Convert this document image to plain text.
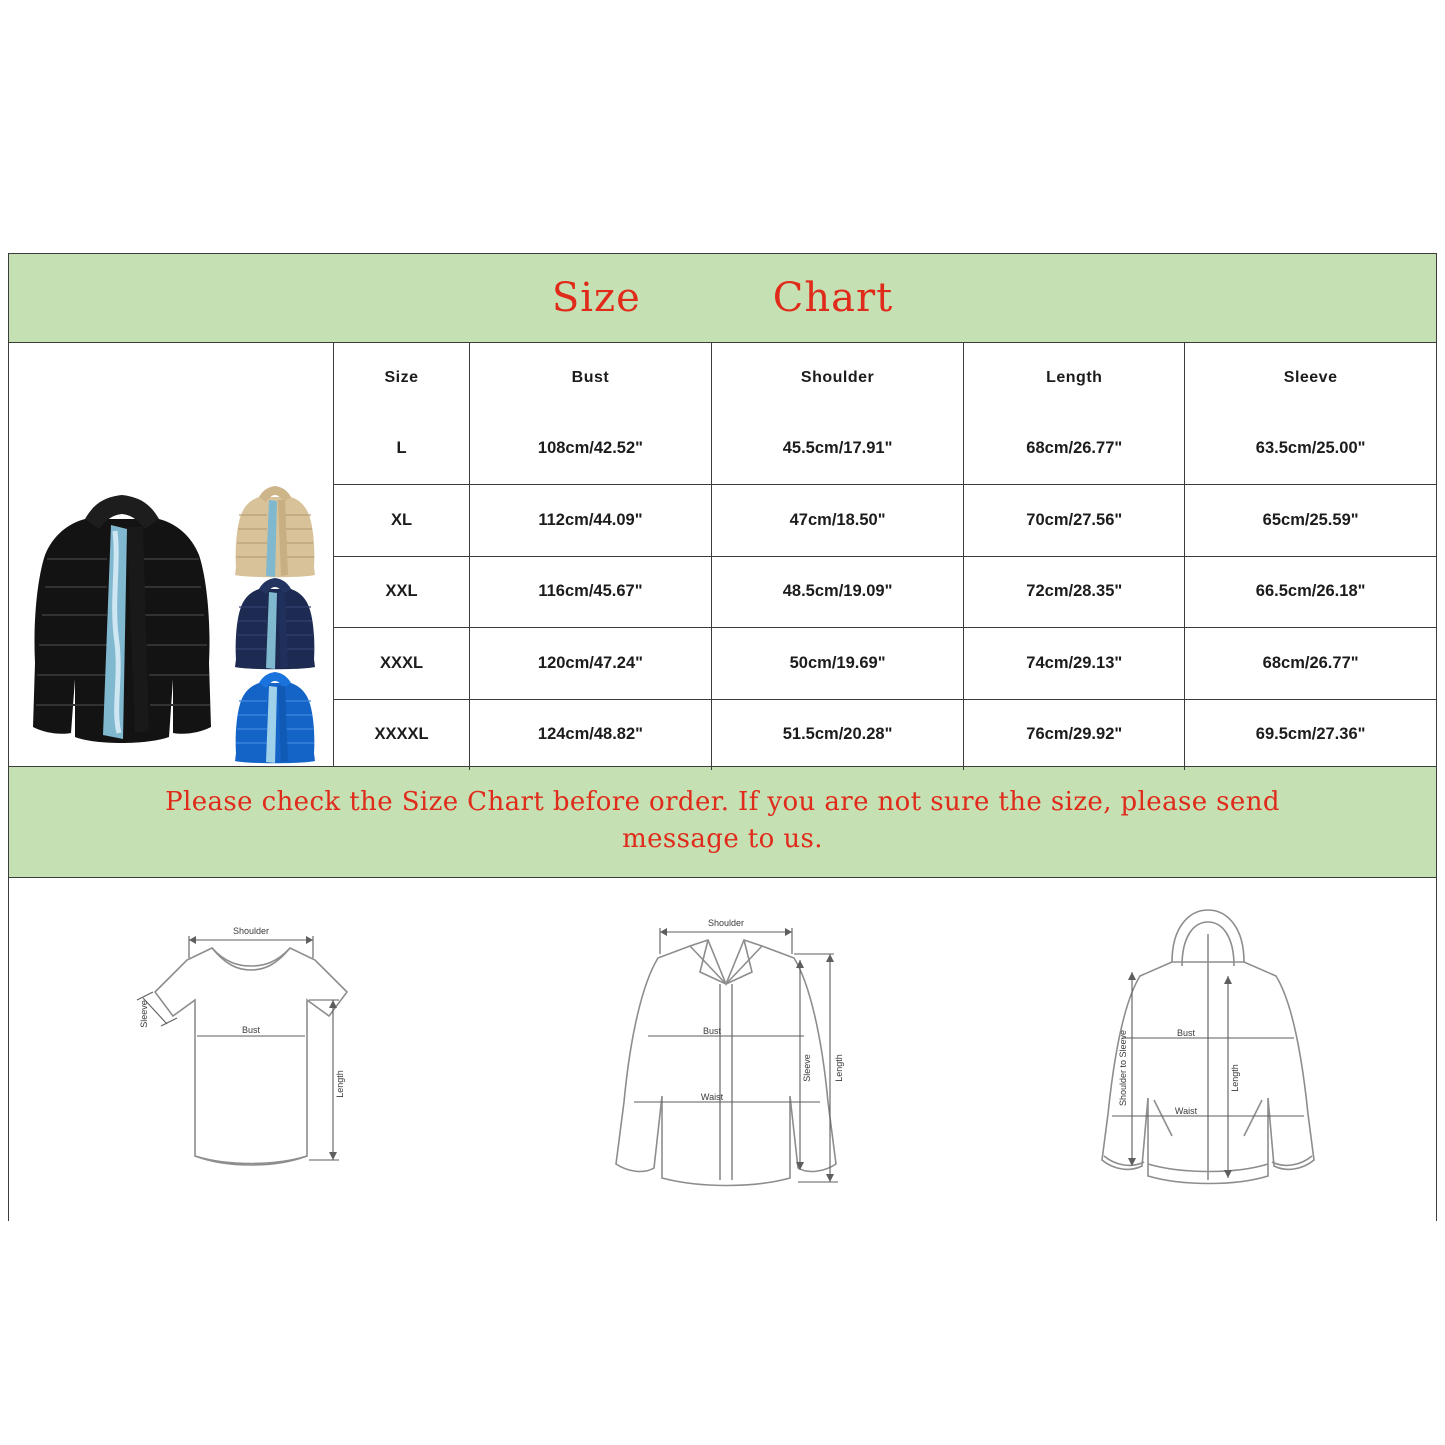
Size	Chart
Size	Bust	Shoulder	Length	Sleeve
L	108cm/42.52"	45.5cm/17.91"	68cm/26.77"	63.5cm/25.00"
XL	112cm/44.09"	47cm/18.50"	70cm/27.56"	65cm/25.59"
XXL	116cm/45.67"	48.5cm/19.09"	72cm/28.35"	66.5cm/26.18"
XXXL	120cm/47.24"	50cm/19.69"	74cm/29.13"	68cm/26.77"
XXXXL	124cm/48.82"	51.5cm/20.28"	76cm/29.92"	69.5cm/27.36"
Please check the Size Chart before order. If you are not sure the size, please send
message to us.
Shoulder
Bust
Sleeve
Length
Shoulder
Bust
Waist
Sleeve Length	Shoulder to Sleeve	Bust
Waist
Length
